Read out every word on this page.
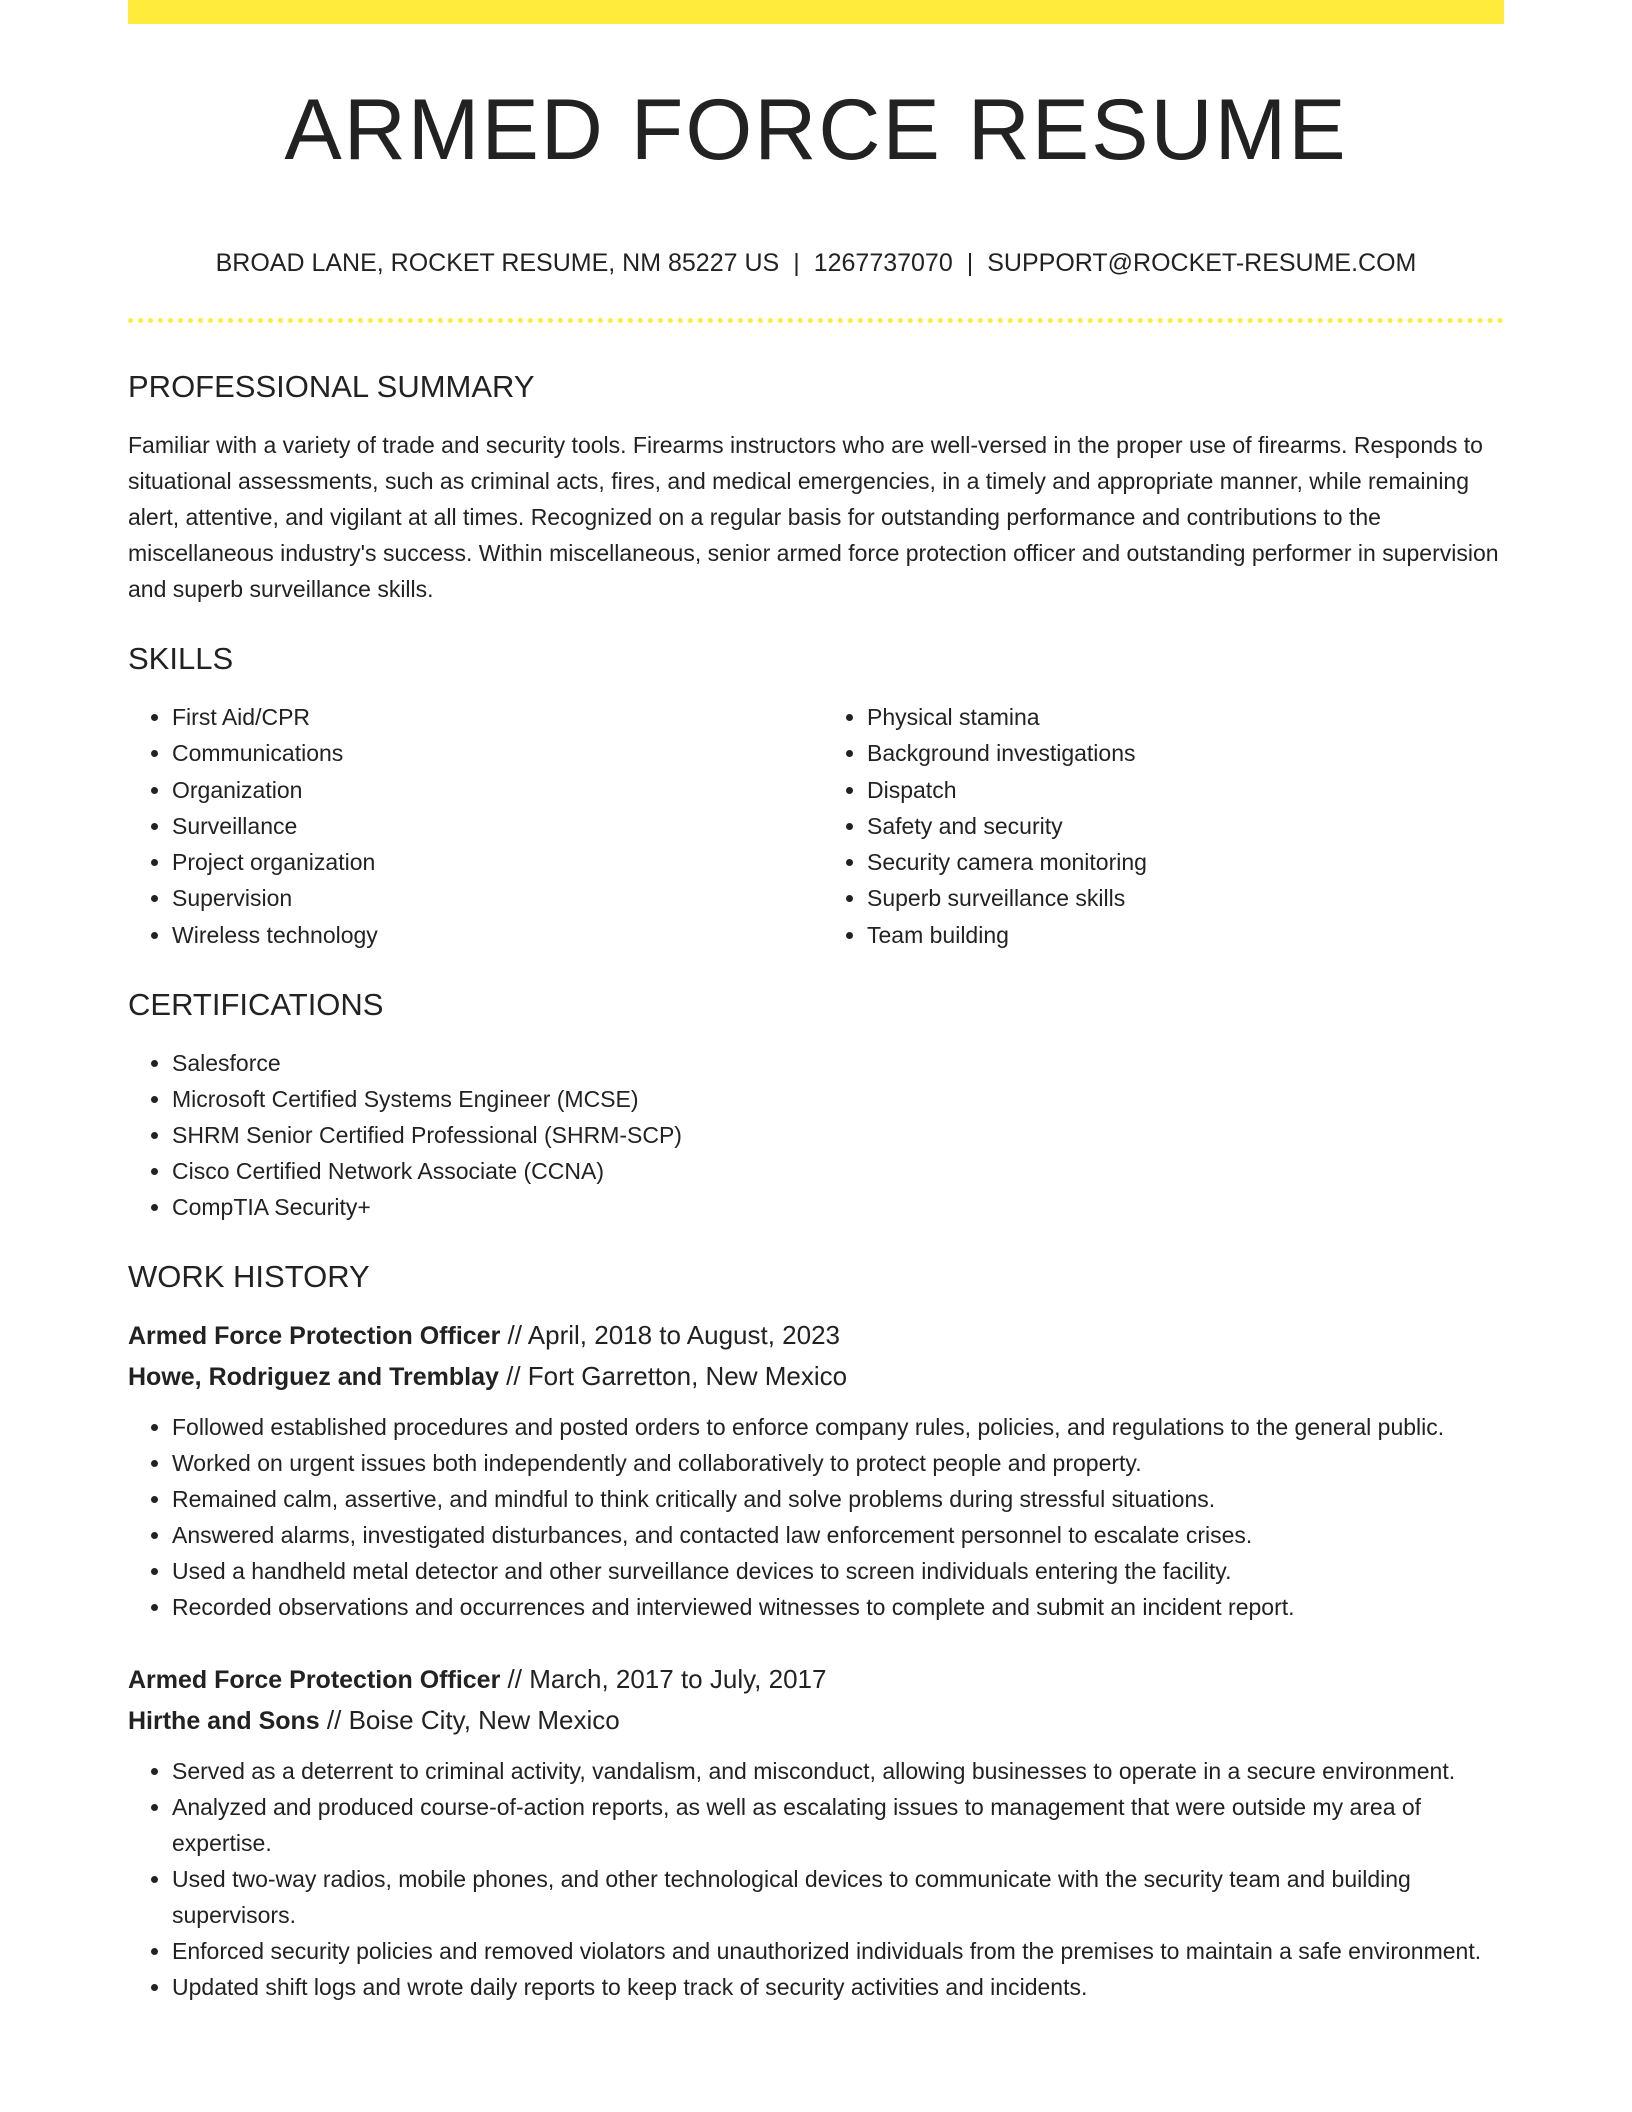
ARMED FORCE RESUME
BROAD LANE, ROCKET RESUME, NM 85227 US | 1267737070 | SUPPORT@ROCKET-RESUME.COM
PROFESSIONAL SUMMARY

Familiar with a variety of trade and security tools. Firearms instructors who are well-versed in the proper use of firearms. Responds to situational assessments, such as criminal acts, fires, and medical emergencies, in a timely and appropriate manner, while remaining alert, attentive, and vigilant at all times. Recognized on a regular basis for outstanding performance and contributions to the miscellaneous industry's success. Within miscellaneous, senior armed force protection officer and outstanding performer in supervision and superb surveillance skills.

SKILLS
• First Aid/CPR
• Communications
• Organization
• Surveillance
• Project organization
• Supervision
• Wireless technology
• Physical stamina
• Background investigations
• Dispatch
• Safety and security
• Security camera monitoring
• Superb surveillance skills
• Team building
CERTIFICATIONS
• Salesforce
• Microsoft Certified Systems Engineer (MCSE)
• SHRM Senior Certified Professional (SHRM-SCP)
• Cisco Certified Network Associate (CCNA)
• CompTIA Security+
WORK HISTORY
Armed Force Protection Officer // April, 2018 to August, 2023
Howe, Rodriguez and Tremblay // Fort Garretton, New Mexico
• Followed established procedures and posted orders to enforce company rules, policies, and regulations to the general public.
• Worked on urgent issues both independently and collaboratively to protect people and property.
• Remained calm, assertive, and mindful to think critically and solve problems during stressful situations.
• Answered alarms, investigated disturbances, and contacted law enforcement personnel to escalate crises.
• Used a handheld metal detector and other surveillance devices to screen individuals entering the facility.
• Recorded observations and occurrences and interviewed witnesses to complete and submit an incident report.
Armed Force Protection Officer // March, 2017 to July, 2017
Hirthe and Sons // Boise City, New Mexico
• Served as a deterrent to criminal activity, vandalism, and misconduct, allowing businesses to operate in a secure environment.
• Analyzed and produced course-of-action reports, as well as escalating issues to management that were outside my area of expertise.
• Used two-way radios, mobile phones, and other technological devices to communicate with the security team and building supervisors.
• Enforced security policies and removed violators and unauthorized individuals from the premises to maintain a safe environment.
• Updated shift logs and wrote daily reports to keep track of security activities and incidents.
